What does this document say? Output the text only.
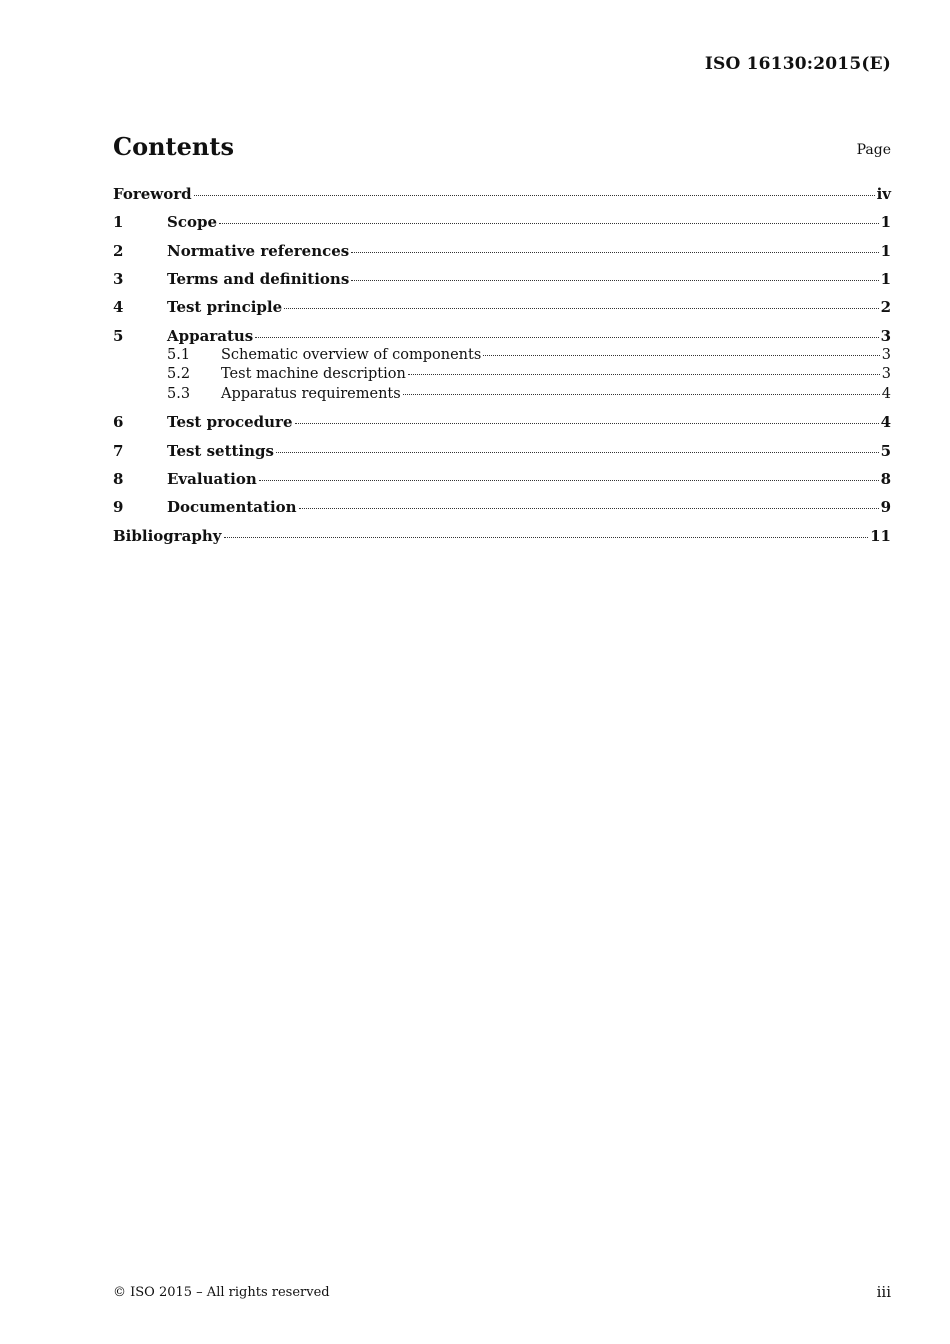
ISO 16130:2015(E)
Contents	Page
Foreword	iv
1	Scope	1
2	Normative references	1
3	Terms and definitions	1
4	Test principle	2
5	Apparatus	3
5.1	Schematic overview of components	3
5.2	Test machine description	3
5.3	Apparatus requirements	4
6	Test procedure	4
7	Test settings	5
8	Evaluation	8
9	Documentation	9
Bibliography	11
© ISO 2015 – All rights reserved	iii
